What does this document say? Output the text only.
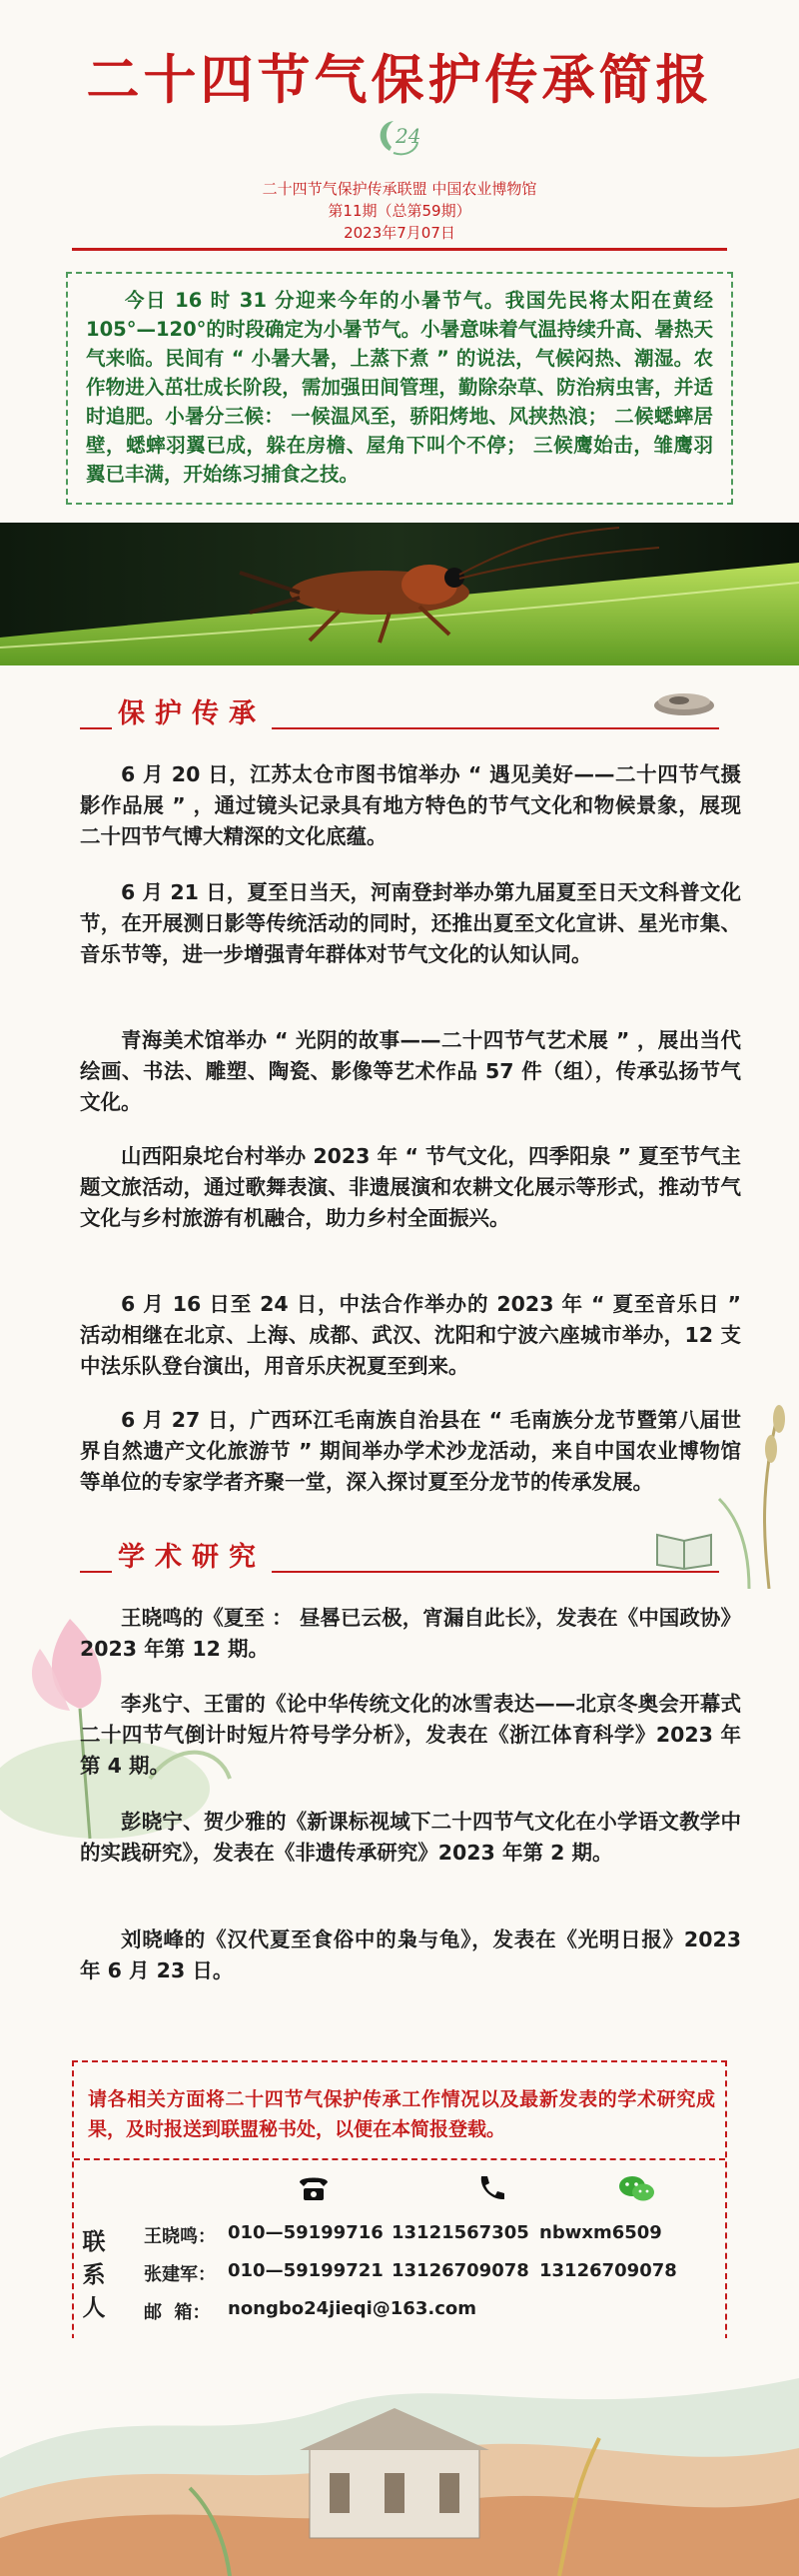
二十四节气保护传承简报
24
二十四节气保护传承联盟 中国农业博物馆
第11期（总第59期）
2023年7月07日
今日 16 时 31 分迎来今年的小暑节气。我国先民将太阳在黄经 105°—120°的时段确定为小暑节气。小暑意味着气温持续升高、暑热天气来临。民间有 “ 小暑大暑，上蒸下煮 ” 的说法，气候闷热、潮湿。农作物进入茁壮成长阶段，需加强田间管理，勤除杂草、防治病虫害，并适时追肥。小暑分三候： 一候温风至，骄阳烤地、风挟热浪； 二候蟋蟀居壁，蟋蟀羽翼已成，躲在房檐、屋角下叫个不停； 三候鹰始击，雏鹰羽翼已丰满，开始练习捕食之技。
保护传承
6 月 20 日，江苏太仓市图书馆举办 “ 遇见美好——二十四节气摄影作品展 ” ，通过镜头记录具有地方特色的节气文化和物候景象，展现二十四节气博大精深的文化底蕴。
6 月 21 日，夏至日当天，河南登封举办第九届夏至日天文科普文化节，在开展测日影等传统活动的同时，还推出夏至文化宣讲、星光市集、音乐节等，进一步增强青年群体对节气文化的认知认同。
青海美术馆举办 “ 光阴的故事——二十四节气艺术展 ” ，展出当代绘画、书法、雕塑、陶瓷、影像等艺术作品 57 件（组），传承弘扬节气文化。
山西阳泉坨台村举办 2023 年 “ 节气文化，四季阳泉 ” 夏至节气主题文旅活动，通过歌舞表演、非遗展演和农耕文化展示等形式，推动节气文化与乡村旅游有机融合，助力乡村全面振兴。
6 月 16 日至 24 日，中法合作举办的 2023 年 “ 夏至音乐日 ” 活动相继在北京、上海、成都、武汉、沈阳和宁波六座城市举办，12 支中法乐队登台演出，用音乐庆祝夏至到来。
6 月 27 日，广西环江毛南族自治县在 “ 毛南族分龙节暨第八届世界自然遗产文化旅游节 ” 期间举办学术沙龙活动，来自中国农业博物馆等单位的专家学者齐聚一堂，深入探讨夏至分龙节的传承发展。
学术研究
王晓鸣的《夏至 ： 昼晷已云极，宵漏自此长》，发表在《中国政协》2023 年第 12 期。
李兆宁、王雷的《论中华传统文化的冰雪表达——北京冬奥会开幕式二十四节气倒计时短片符号学分析》，发表在《浙江体育科学》2023 年第 4 期。
彭晓宁、贺少雅的《新课标视域下二十四节气文化在小学语文教学中的实践研究》，发表在《非遗传承研究》2023 年第 2 期。
刘晓峰的《汉代夏至食俗中的枭与龟》，发表在《光明日报》2023 年 6 月 23 日。
请各相关方面将二十四节气保护传承工作情况以及最新发表的学术研究成果，及时报送到联盟秘书处，以便在本简报登载。
联
系
人
王晓鸣： 010—59199716 13121567305 nbwxm6509
张建军： 010—59199721 13126709078 13126709078
邮  箱： nongbo24jieqi@163.com
